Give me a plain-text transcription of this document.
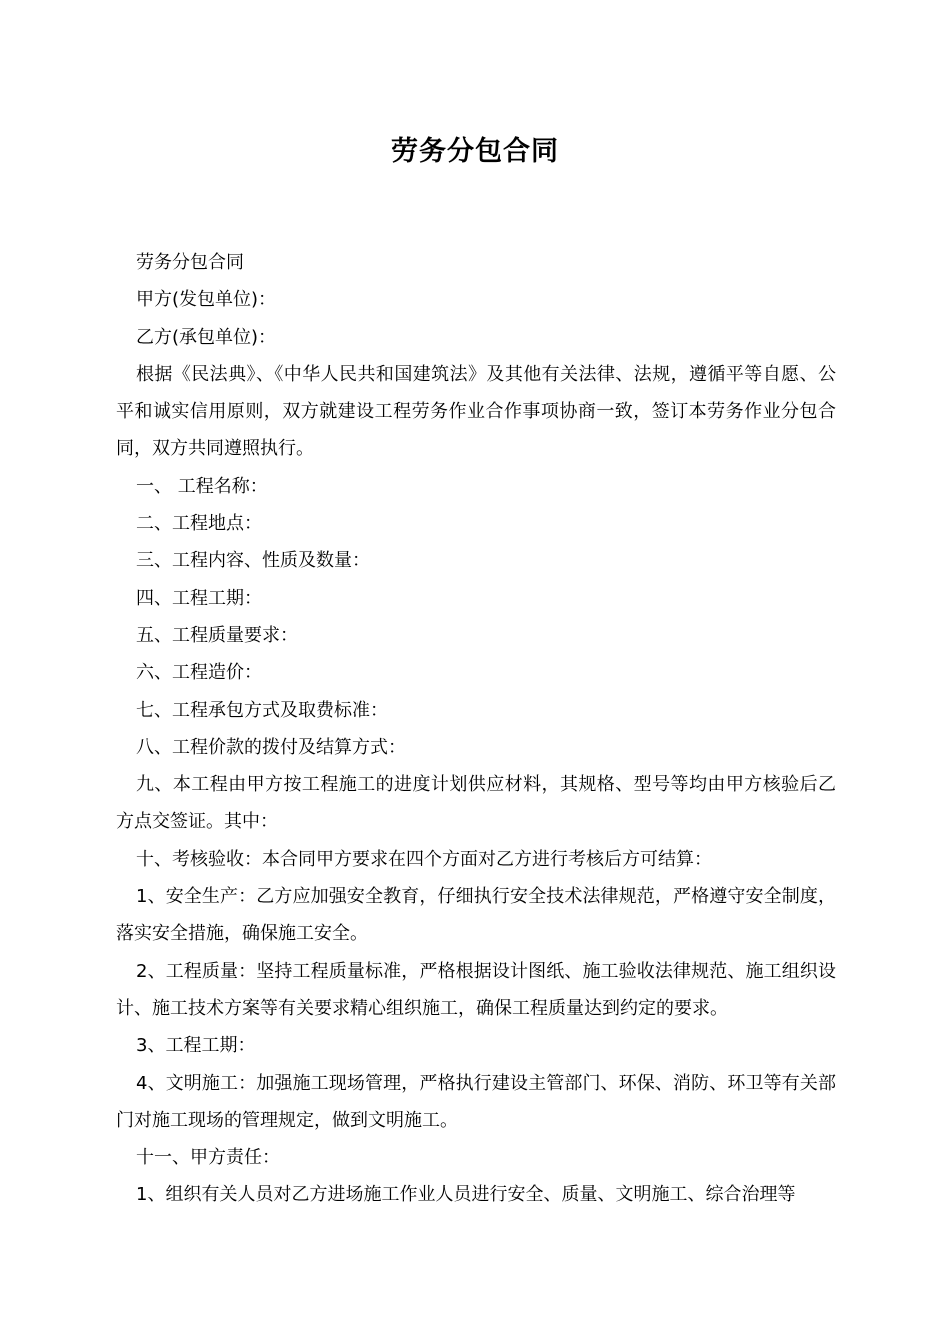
劳务分包合同

劳务分包合同

甲方(发包单位)：

乙方(承包单位)：

根据《民法典》、《中华人民共和国建筑法》及其他有关法律、法规，遵循平等自愿、公平和诚实信用原则，双方就建设工程劳务作业合作事项协商一致，签订本劳务作业分包合同，双方共同遵照执行。

一、 工程名称：

二、工程地点：

三、工程内容、性质及数量：

四、工程工期：

五、工程质量要求：

六、工程造价：

七、工程承包方式及取费标准：

八、工程价款的拨付及结算方式：

九、本工程由甲方按工程施工的进度计划供应材料，其规格、型号等均由甲方核验后乙方点交签证。其中：

十、考核验收：本合同甲方要求在四个方面对乙方进行考核后方可结算：

1、安全生产：乙方应加强安全教育，仔细执行安全技术法律规范，严格遵守安全制度，落实安全措施，确保施工安全。

2、工程质量：坚持工程质量标准，严格根据设计图纸、施工验收法律规范、施工组织设计、施工技术方案等有关要求精心组织施工，确保工程质量达到约定的要求。

3、工程工期：

4、文明施工：加强施工现场管理，严格执行建设主管部门、环保、消防、环卫等有关部门对施工现场的管理规定，做到文明施工。

十一、甲方责任：

1、组织有关人员对乙方进场施工作业人员进行安全、质量、文明施工、综合治理等
